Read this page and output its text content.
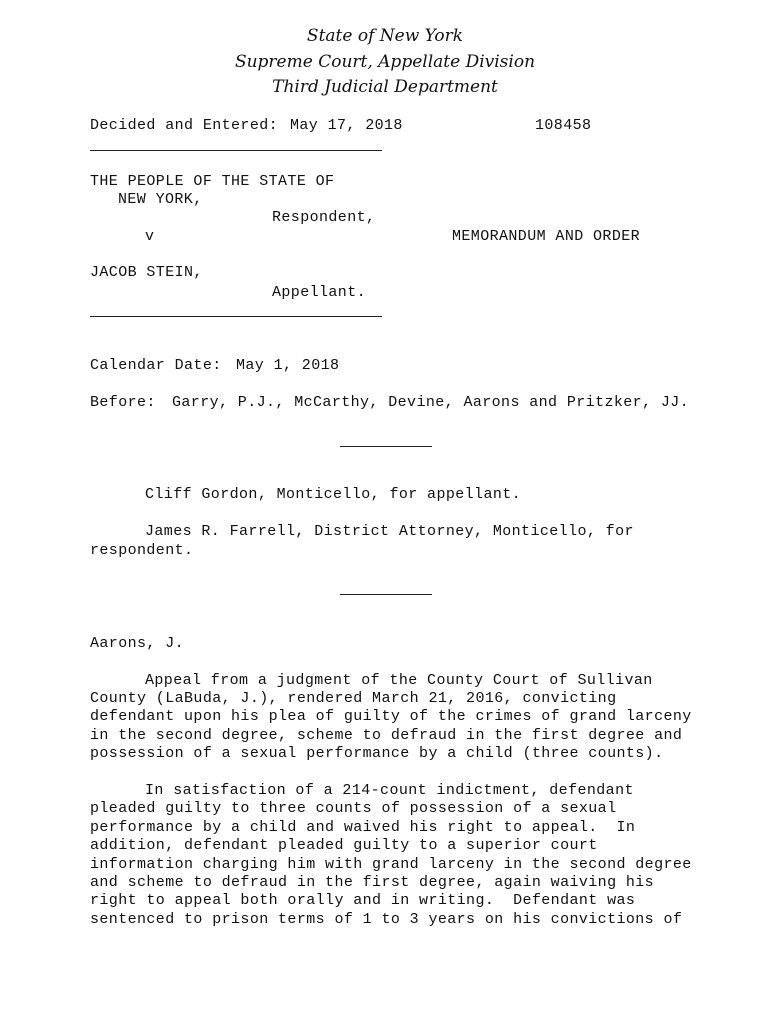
State of New York
Supreme Court, Appellate Division
Third Judicial Department
Decided and Entered: May 17, 2018	108458
THE PEOPLE OF THE STATE OF
NEW YORK,
Respondent,
v	MEMORANDUM AND ORDER
JACOB STEIN,
Appellant.
Calendar Date: May 1, 2018
Before: Garry, P.J., McCarthy, Devine, Aarons and Pritzker, JJ.
Cliff Gordon, Monticello, for appellant.
James R. Farrell, District Attorney, Monticello, for
respondent.
Aarons, J.
Appeal from a judgment of the County Court of Sullivan
County (LaBuda, J.), rendered March 21, 2016, convicting
defendant upon his plea of guilty of the crimes of grand larceny
in the second degree, scheme to defraud in the first degree and
possession of a sexual performance by a child (three counts).
In satisfaction of a 214-count indictment, defendant
pleaded guilty to three counts of possession of a sexual
performance by a child and waived his right to appeal.  In
addition, defendant pleaded guilty to a superior court
information charging him with grand larceny in the second degree
and scheme to defraud in the first degree, again waiving his
right to appeal both orally and in writing.  Defendant was
sentenced to prison terms of 1 to 3 years on his convictions of
